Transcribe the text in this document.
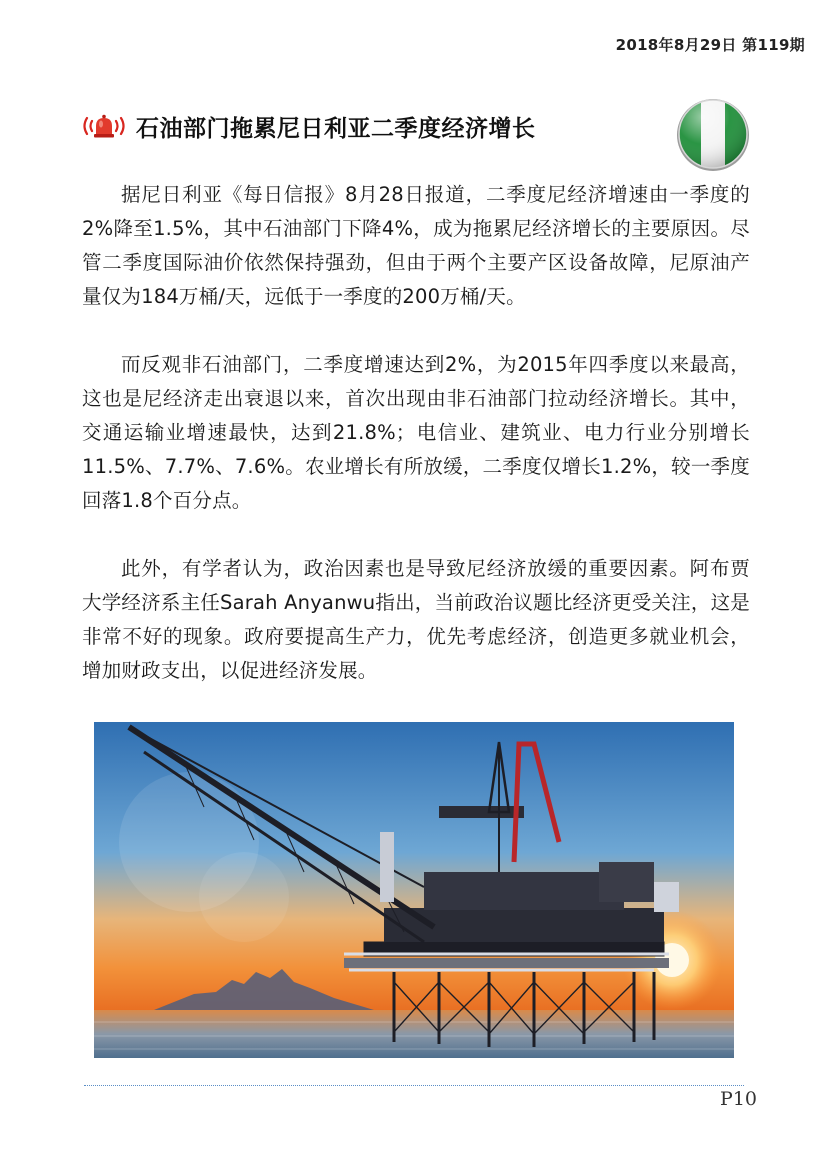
2018年8月29日 第119期
石油部门拖累尼日利亚二季度经济增长

据尼日利亚《每日信报》8月28日报道，二季度尼经济增速由一季度的2%降至1.5%，其中石油部门下降4%，成为拖累尼经济增长的主要原因。尽管二季度国际油价依然保持强劲，但由于两个主要产区设备故障，尼原油产量仅为184万桶/天，远低于一季度的200万桶/天。

而反观非石油部门，二季度增速达到2%，为2015年四季度以来最高，这也是尼经济走出衰退以来，首次出现由非石油部门拉动经济增长。其中，交通运输业增速最快，达到21.8%；电信业、建筑业、电力行业分别增长11.5%、7.7%、7.6%。农业增长有所放缓，二季度仅增长1.2%，较一季度回落1.8个百分点。

此外，有学者认为，政治因素也是导致尼经济放缓的重要因素。阿布贾大学经济系主任Sarah Anyanwu指出，当前政治议题比经济更受关注，这是非常不好的现象。政府要提高生产力，优先考虑经济，创造更多就业机会，增加财政支出，以促进经济发展。

P10
